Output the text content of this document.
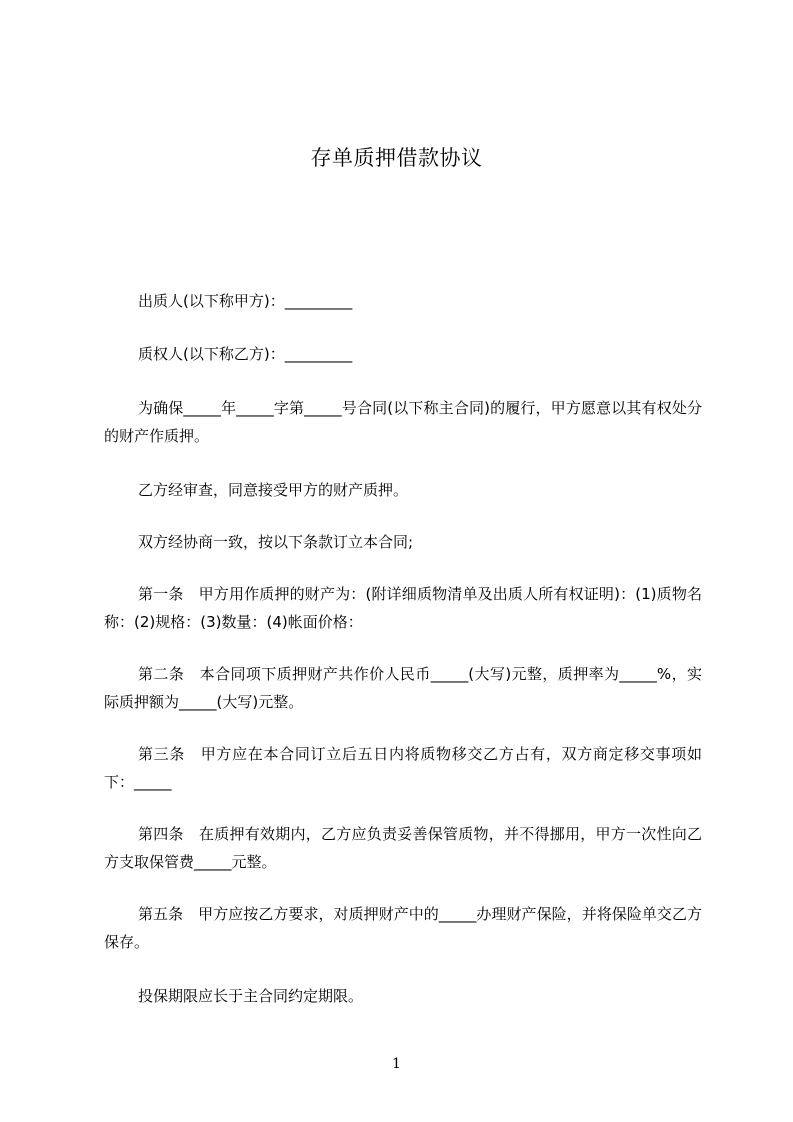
存单质押借款协议
出质人(以下称甲方)：_________
质权人(以下称乙方)：_________
为确保_____年_____字第_____号合同(以下称主合同)的履行，甲方愿意以其有权处分的财产作质押。
乙方经审查，同意接受甲方的财产质押。
双方经协商一致，按以下条款订立本合同;
第一条　甲方用作质押的财产为：(附详细质物清单及出质人所有权证明)：(1)质物名称：(2)规格：(3)数量：(4)帐面价格：
第二条　本合同项下质押财产共作价人民币_____(大写)元整，质押率为_____%，实际质押额为_____(大写)元整。
第三条　甲方应在本合同订立后五日内将质物移交乙方占有，双方商定移交事项如下：_____
第四条　在质押有效期内，乙方应负责妥善保管质物，并不得挪用，甲方一次性向乙方支取保管费_____元整。
第五条　甲方应按乙方要求，对质押财产中的_____办理财产保险，并将保险单交乙方保存。
投保期限应长于主合同约定期限。
1
